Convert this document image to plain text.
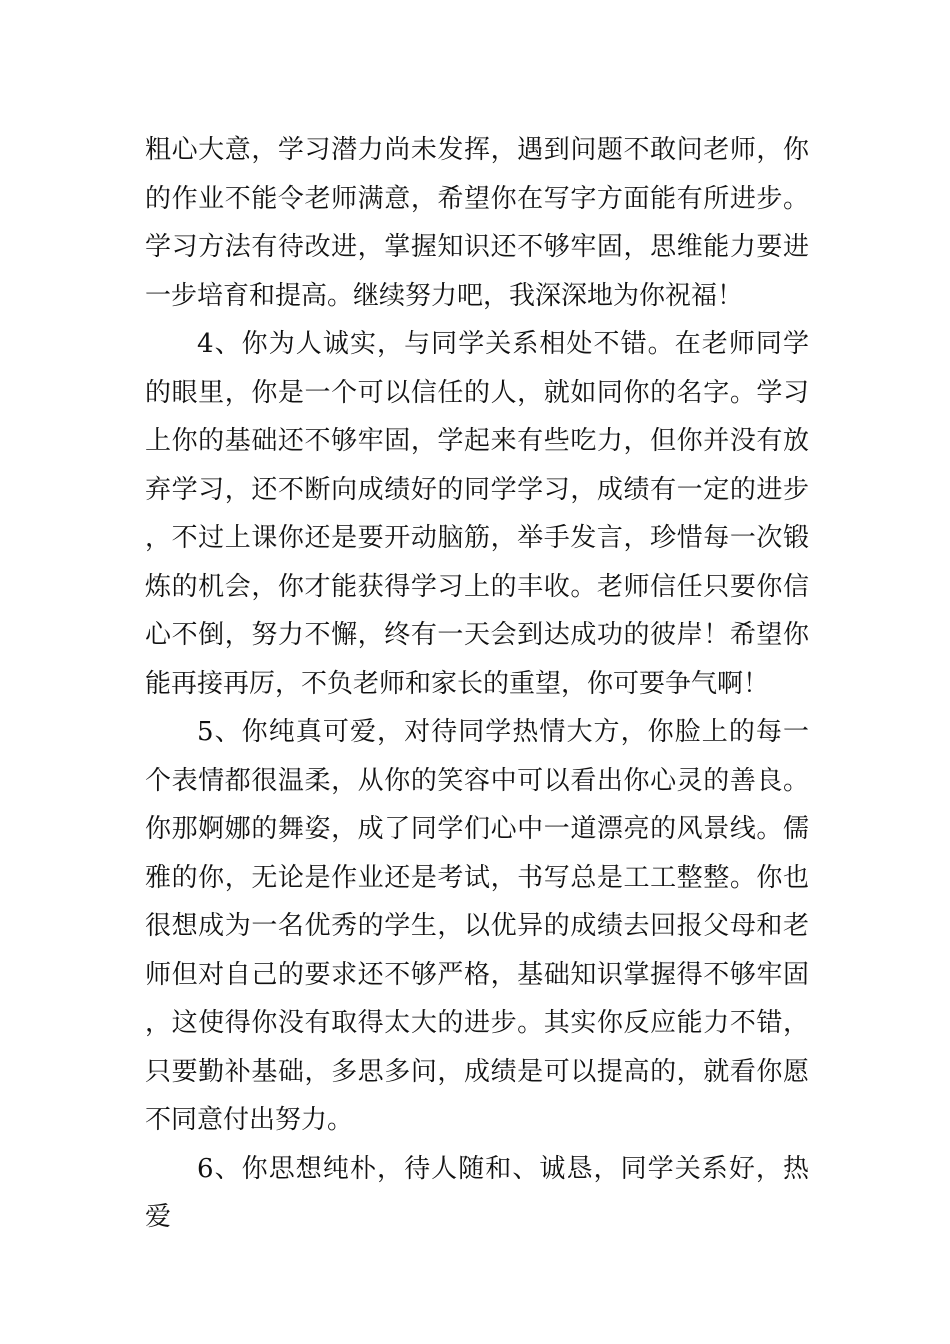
粗心大意，学习潜力尚未发挥，遇到问题不敢问老师，你的作业不能令老师满意，希望你在写字方面能有所进步。学习方法有待改进，掌握知识还不够牢固，思维能力要进一步培育和提高。继续努力吧，我深深地为你祝福！

4、你为人诚实，与同学关系相处不错。在老师同学的眼里，你是一个可以信任的人，就如同你的名字。学习上你的基础还不够牢固，学起来有些吃力，但你并没有放弃学习，还不断向成绩好的同学学习，成绩有一定的进步，不过上课你还是要开动脑筋，举手发言，珍惜每一次锻炼的机会，你才能获得学习上的丰收。老师信任只要你信心不倒，努力不懈，终有一天会到达成功的彼岸！希望你能再接再厉，不负老师和家长的重望，你可要争气啊！

5、你纯真可爱，对待同学热情大方，你脸上的每一个表情都很温柔，从你的笑容中可以看出你心灵的善良。你那婀娜的舞姿，成了同学们心中一道漂亮的风景线。儒雅的你，无论是作业还是考试，书写总是工工整整。你也很想成为一名优秀的学生，以优异的成绩去回报父母和老师但对自己的要求还不够严格，基础知识掌握得不够牢固，这使得你没有取得太大的进步。其实你反应能力不错，只要勤补基础，多思多问，成绩是可以提高的，就看你愿不同意付出努力。

6、你思想纯朴，待人随和、诚恳，同学关系好，热爱
